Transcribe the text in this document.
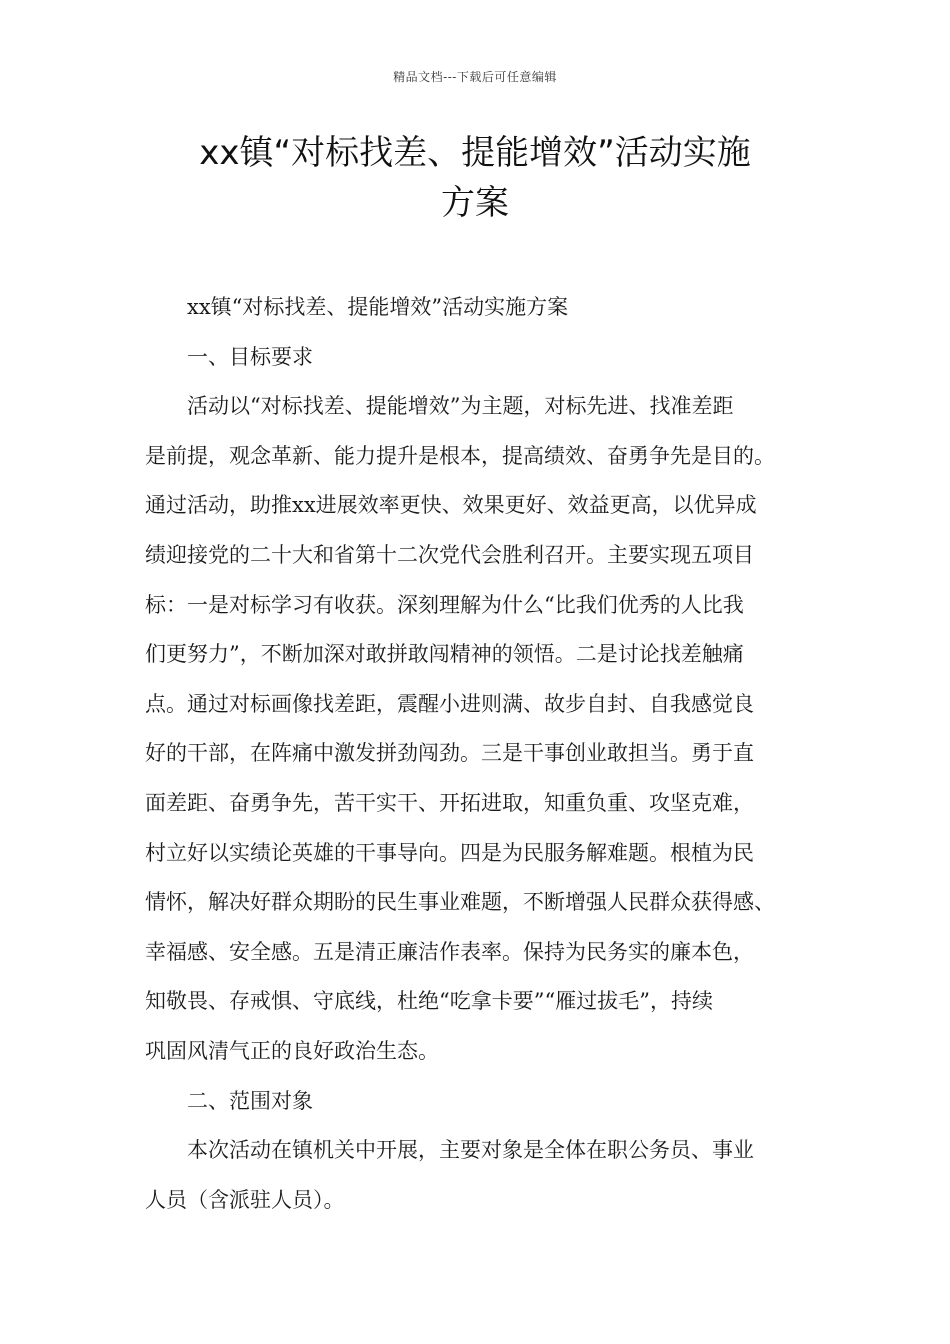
精品文档---下载后可任意编辑
xx镇“对标找差、提能增效”活动实施
方案

xx镇“对标找差、提能增效”活动实施方案

一、目标要求

活动以“对标找差、提能增效”为主题，对标先进、找准差距

是前提，观念革新、能力提升是根本，提高绩效、奋勇争先是目的。

通过活动，助推xx进展效率更快、效果更好、效益更高，以优异成

绩迎接党的二十大和省第十二次党代会胜利召开。主要实现五项目

标：一是对标学习有收获。深刻理解为什么“比我们优秀的人比我

们更努力”，不断加深对敢拼敢闯精神的领悟。二是讨论找差触痛

点。通过对标画像找差距，震醒小进则满、故步自封、自我感觉良

好的干部，在阵痛中激发拼劲闯劲。三是干事创业敢担当。勇于直

面差距、奋勇争先，苦干实干、开拓进取，知重负重、攻坚克难，

村立好以实绩论英雄的干事导向。四是为民服务解难题。根植为民

情怀，解决好群众期盼的民生事业难题，不断增强人民群众获得感、

幸福感、安全感。五是清正廉洁作表率。保持为民务实的廉本色，

知敬畏、存戒惧、守底线，杜绝“吃拿卡要”“雁过拔毛”，持续

巩固风清气正的良好政治生态。

二、范围对象

本次活动在镇机关中开展，主要对象是全体在职公务员、事业

人员（含派驻人员）。
